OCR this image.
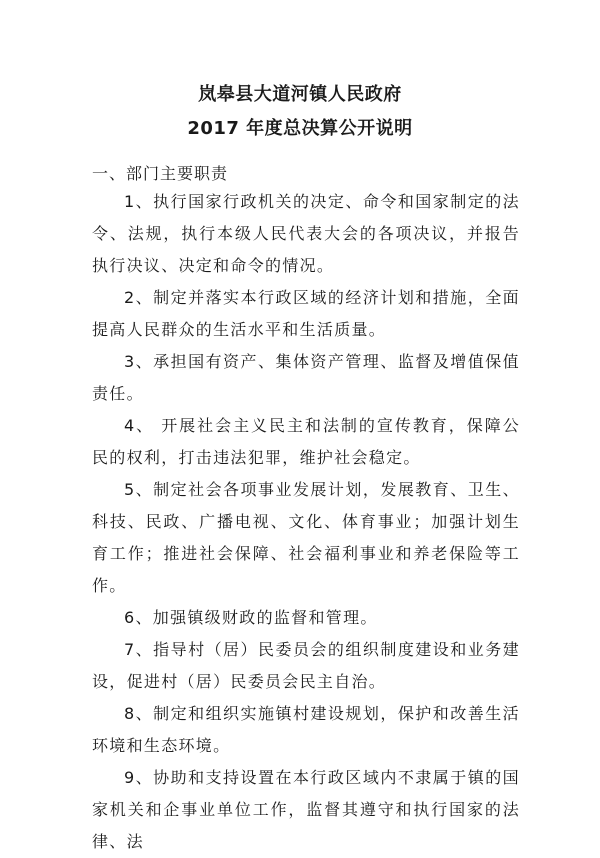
岚皋县大道河镇人民政府
2017 年度总决算公开说明
一、部门主要职责

1、执行国家行政机关的决定、命令和国家制定的法令、法规，执行本级人民代表大会的各项决议，并报告执行决议、决定和命令的情况。

2、制定并落实本行政区域的经济计划和措施，全面提高人民群众的生活水平和生活质量。

3、承担国有资产、集体资产管理、监督及增值保值责任。

4、 开展社会主义民主和法制的宣传教育，保障公民的权利，打击违法犯罪，维护社会稳定。

5、制定社会各项事业发展计划，发展教育、卫生、科技、民政、广播电视、文化、体育事业；加强计划生育工作；推进社会保障、社会福利事业和养老保险等工作。

6、加强镇级财政的监督和管理。

7、指导村（居）民委员会的组织制度建设和业务建设，促进村（居）民委员会民主自治。

8、制定和组织实施镇村建设规划，保护和改善生活环境和生态环境。

9、协助和支持设置在本行政区域内不隶属于镇的国家机关和企事业单位工作，监督其遵守和执行国家的法律、法
